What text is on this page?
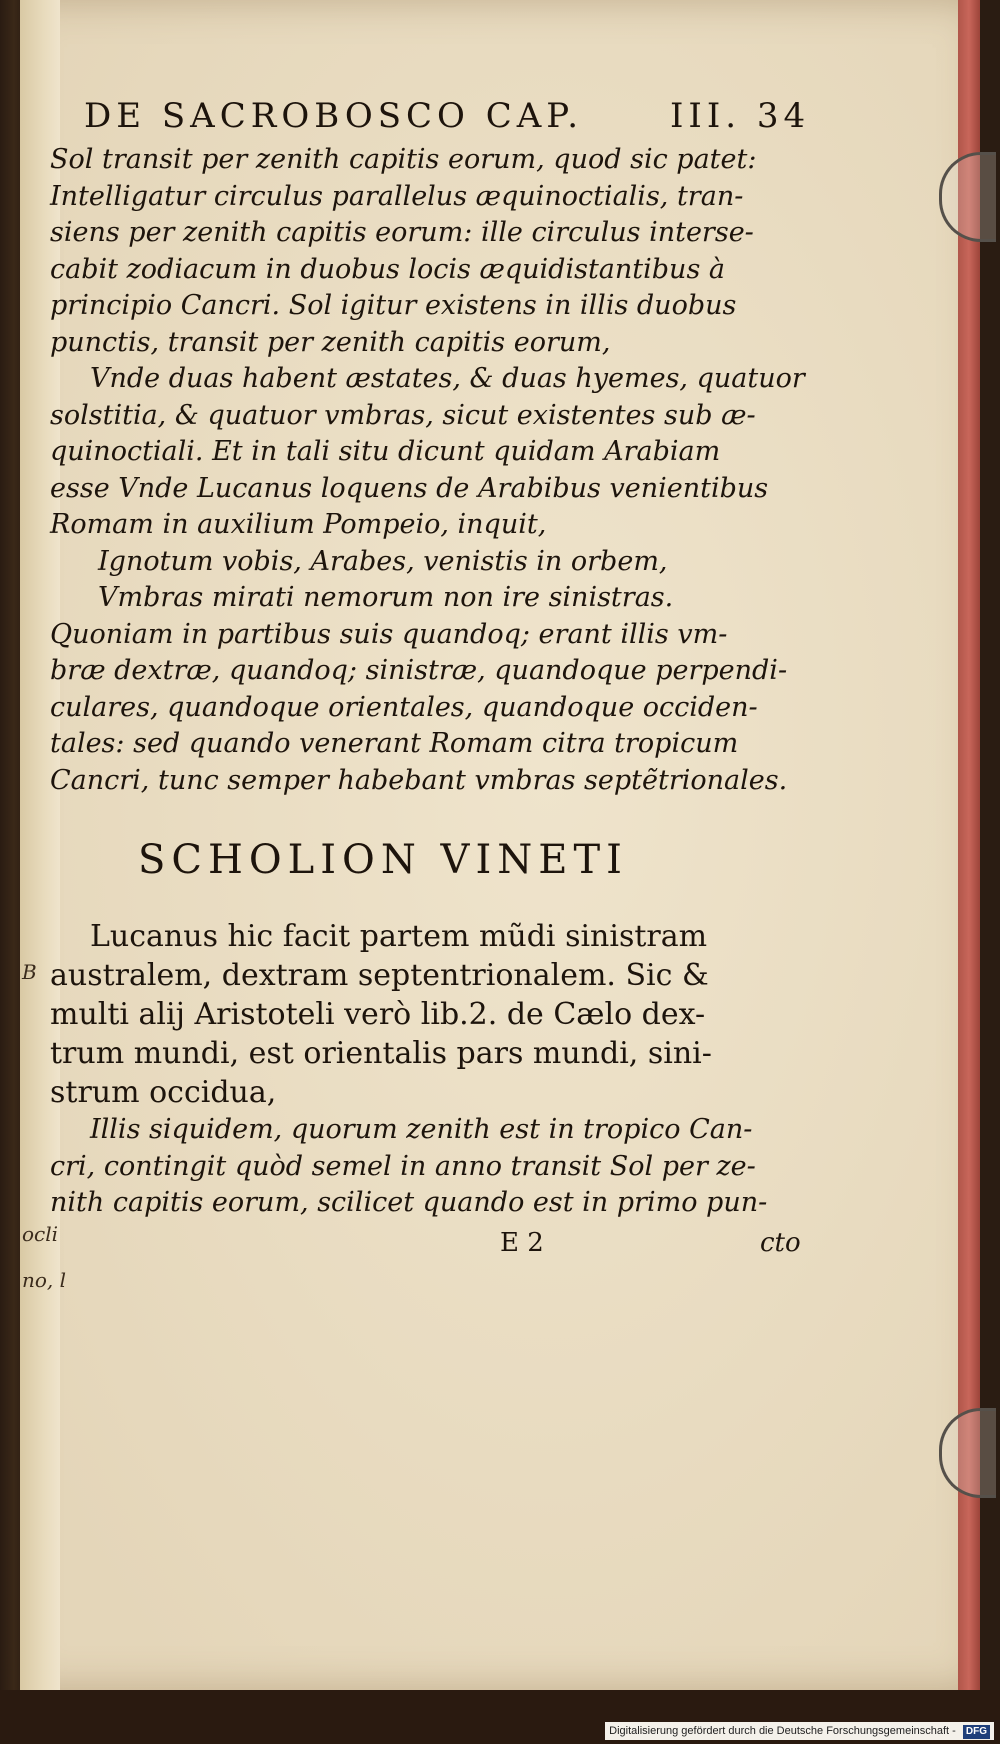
B
ocli
no, l
DE SACROBOSCO CAP.	III. 34
Sol transit per zenith capitis eorum, quod sic patet:
Intelligatur circulus parallelus æquinoctialis, tran-
siens per zenith capitis eorum: ille circulus interse-
cabit zodiacum in duobus locis æquidistantibus à
principio Cancri. Sol igitur existens in illis duobus
punctis, transit per zenith capitis eorum,
Vnde duas habent æstates, & duas hyemes, quatuor
solstitia, & quatuor vmbras, sicut existentes sub æ-
quinoctiali. Et in tali situ dicunt quidam Arabiam
esse Vnde Lucanus loquens de Arabibus venientibus
Romam in auxilium Pompeio, inquit,
Ignotum vobis, Arabes, venistis in orbem,
Vmbras mirati nemorum non ire sinistras.
Quoniam in partibus suis quandoq; erant illis vm-
bræ dextræ, quandoq; sinistræ, quandoque perpendi-
culares, quandoque orientales, quandoque occiden-
tales: sed quando venerant Romam citra tropicum
Cancri, tunc semper habebant vmbras septẽtrionales.
SCHOLION VINETI
Lucanus hic facit partem mũdi sinistram
australem, dextram septentrionalem. Sic &
multi alij Aristoteli verò lib.2. de Cælo dex-
trum mundi, est orientalis pars mundi, sini-
strum occidua,
Illis siquidem, quorum zenith est in tropico Can-
cri, contingit quòd semel in anno transit Sol per ze-
nith capitis eorum, scilicet quando est in primo pun-
E 2	cto
Digitalisierung gefördert durch die Deutsche Forschungsgemeinschaft - DFG
